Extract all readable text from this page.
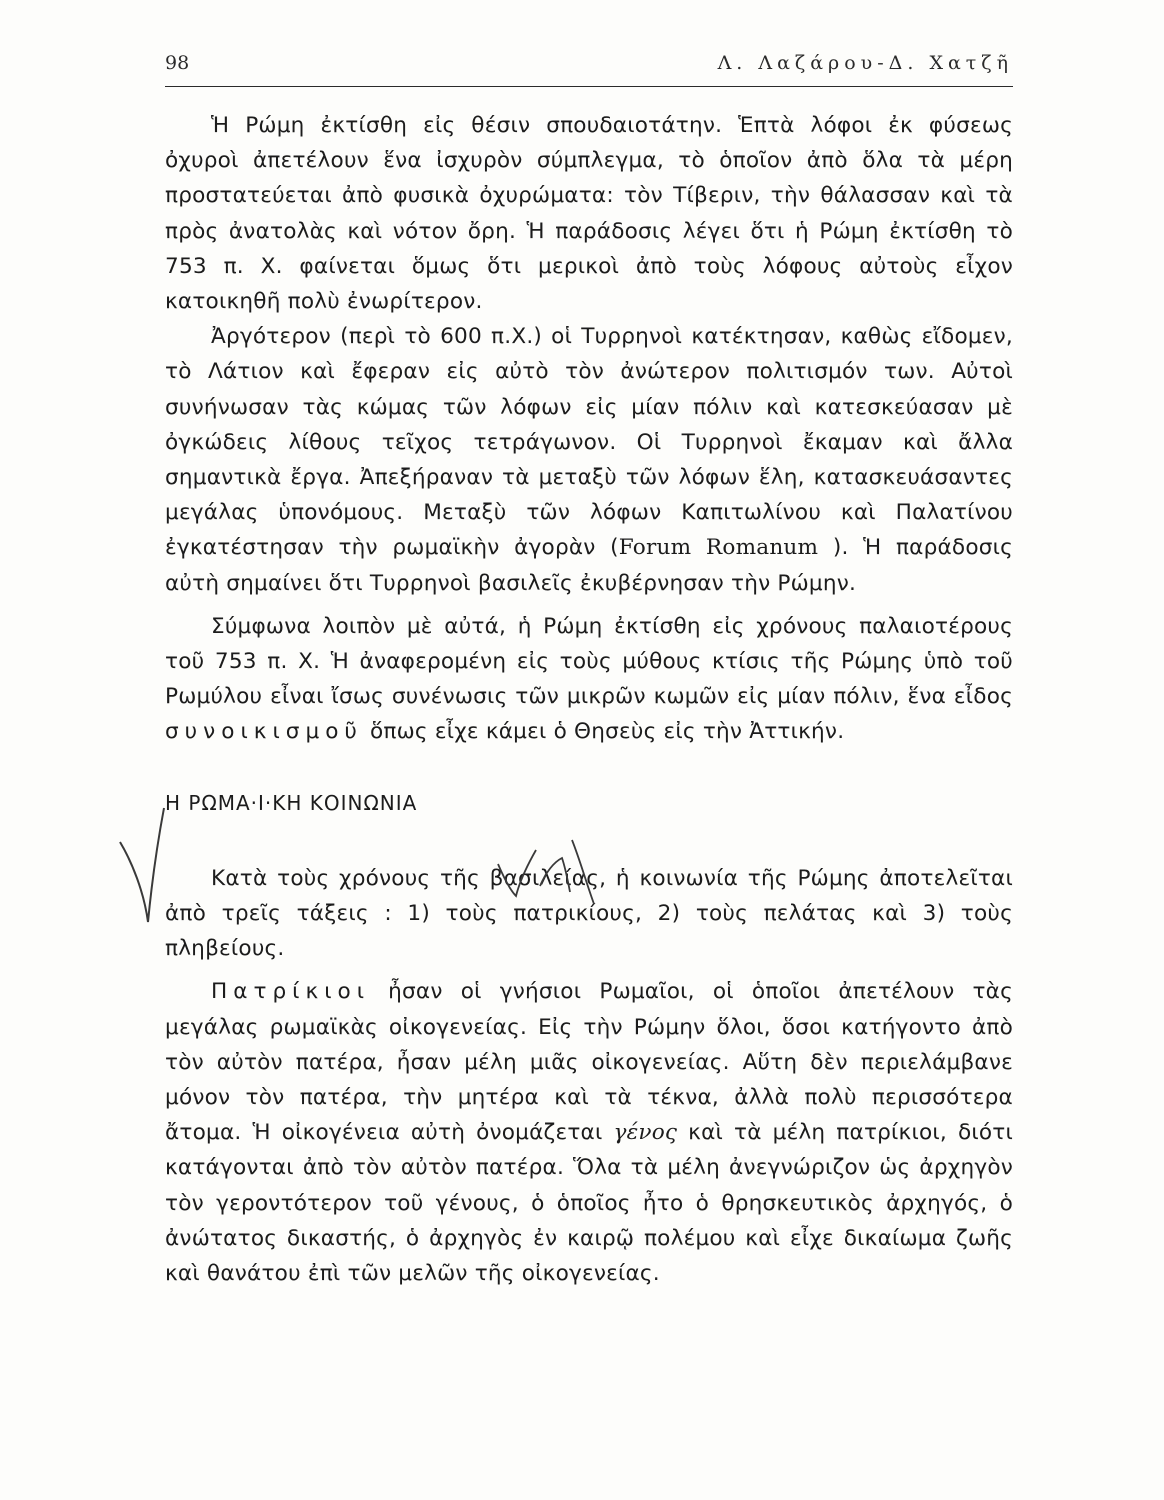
98	Λ. Λαζάρου-Δ. Χατζῆ

Ἡ Ρώμη ἐκτίσθη εἰς θέσιν σπουδαιοτάτην. Ἑπτὰ λόφοι ἐκ φύσεως ὀχυροὶ ἀπετέλουν ἕνα ἰσχυρὸν σύμπλεγμα, τὸ ὁποῖον ἀπὸ ὅλα τὰ μέρη προστατεύεται ἀπὸ φυσικὰ ὀχυρώματα: τὸν Τίβεριν, τὴν θάλασσαν καὶ τὰ πρὸς ἀνατολὰς καὶ νότον ὄρη. Ἡ παράδοσις λέγει ὅτι ἡ Ρώμη ἐκτίσθη τὸ 753 π. Χ. φαίνεται ὅμως ὅτι μερικοὶ ἀπὸ τοὺς λόφους αὐτοὺς εἶχον κατοικηθῆ πολὺ ἐνωρίτερον.

Ἀργότερον (περὶ τὸ 600 π.Χ.) οἱ Τυρρηνοὶ κατέκτησαν, καθὼς εἴδομεν, τὸ Λάτιον καὶ ἔφεραν εἰς αὐτὸ τὸν ἀνώτερον πολιτισμόν των. Αὐτοὶ συνήνωσαν τὰς κώμας τῶν λόφων εἰς μίαν πόλιν καὶ κατεσκεύασαν μὲ ὀγκώδεις λίθους τεῖχος τετράγωνον. Οἱ Τυρρηνοὶ ἔκαμαν καὶ ἄλλα σημαντικὰ ἔργα. Ἀπεξήραναν τὰ μεταξὺ τῶν λόφων ἕλη, κατασκευάσαντες μεγάλας ὑπονόμους. Μεταξὺ τῶν λόφων Καπιτωλίνου καὶ Παλατίνου ἐγκατέστησαν τὴν ρωμαϊκὴν ἀγορὰν (Forum Romanum ). Ἡ παράδοσις αὐτὴ σημαίνει ὅτι Τυρρηνοὶ βασιλεῖς ἐκυβέρνησαν τὴν Ρώμην.

Σύμφωνα λοιπὸν μὲ αὐτά, ἡ Ρώμη ἐκτίσθη εἰς χρόνους παλαιοτέρους τοῦ 753 π. Χ. Ἡ ἀναφερομένη εἰς τοὺς μύθους κτίσις τῆς Ρώμης ὑπὸ τοῦ Ρωμύλου εἶναι ἴσως συνένωσις τῶν μικρῶν κωμῶν εἰς μίαν πόλιν, ἕνα εἶδος συνοικισμοῦ ὅπως εἶχε κάμει ὁ Θησεὺς εἰς τὴν Ἀττικήν.

Η ΡΩΜΑ·Ι·ΚΗ ΚΟΙΝΩΝΙΑ

Κατὰ τοὺς χρόνους τῆς βασιλείας, ἡ κοινωνία τῆς Ρώμης ἀποτελεῖται ἀπὸ τρεῖς τάξεις : 1) τοὺς πατρικίους, 2) τοὺς πελάτας καὶ 3) τοὺς πληβείους.

Πατρίκιοι ἦσαν οἱ γνήσιοι Ρωμαῖοι, οἱ ὁποῖοι ἀπετέλουν τὰς μεγάλας ρωμαϊκὰς οἰκογενείας. Εἰς τὴν Ρώμην ὅλοι, ὅσοι κατήγοντο ἀπὸ τὸν αὐτὸν πατέρα, ἦσαν μέλη μιᾶς οἰκογενείας. Αὕτη δὲν περιελάμβανε μόνον τὸν πατέρα, τὴν μητέρα καὶ τὰ τέκνα, ἀλλὰ πολὺ περισσότερα ἄτομα. Ἡ οἰκογένεια αὐτὴ ὀνομάζεται γένος καὶ τὰ μέλη πατρίκιοι, διότι κατάγονται ἀπὸ τὸν αὐτὸν πατέρα. Ὅλα τὰ μέλη ἀνεγνώριζον ὡς ἀρχηγὸν τὸν γεροντότερον τοῦ γένους, ὁ ὁποῖος ἦτο ὁ θρησκευτικὸς ἀρχηγός, ὁ ἀνώτατος δικαστής, ὁ ἀρχηγὸς ἐν καιρῷ πολέμου καὶ εἶχε δικαίωμα ζωῆς καὶ θανάτου ἐπὶ τῶν μελῶν τῆς οἰκογενείας.
